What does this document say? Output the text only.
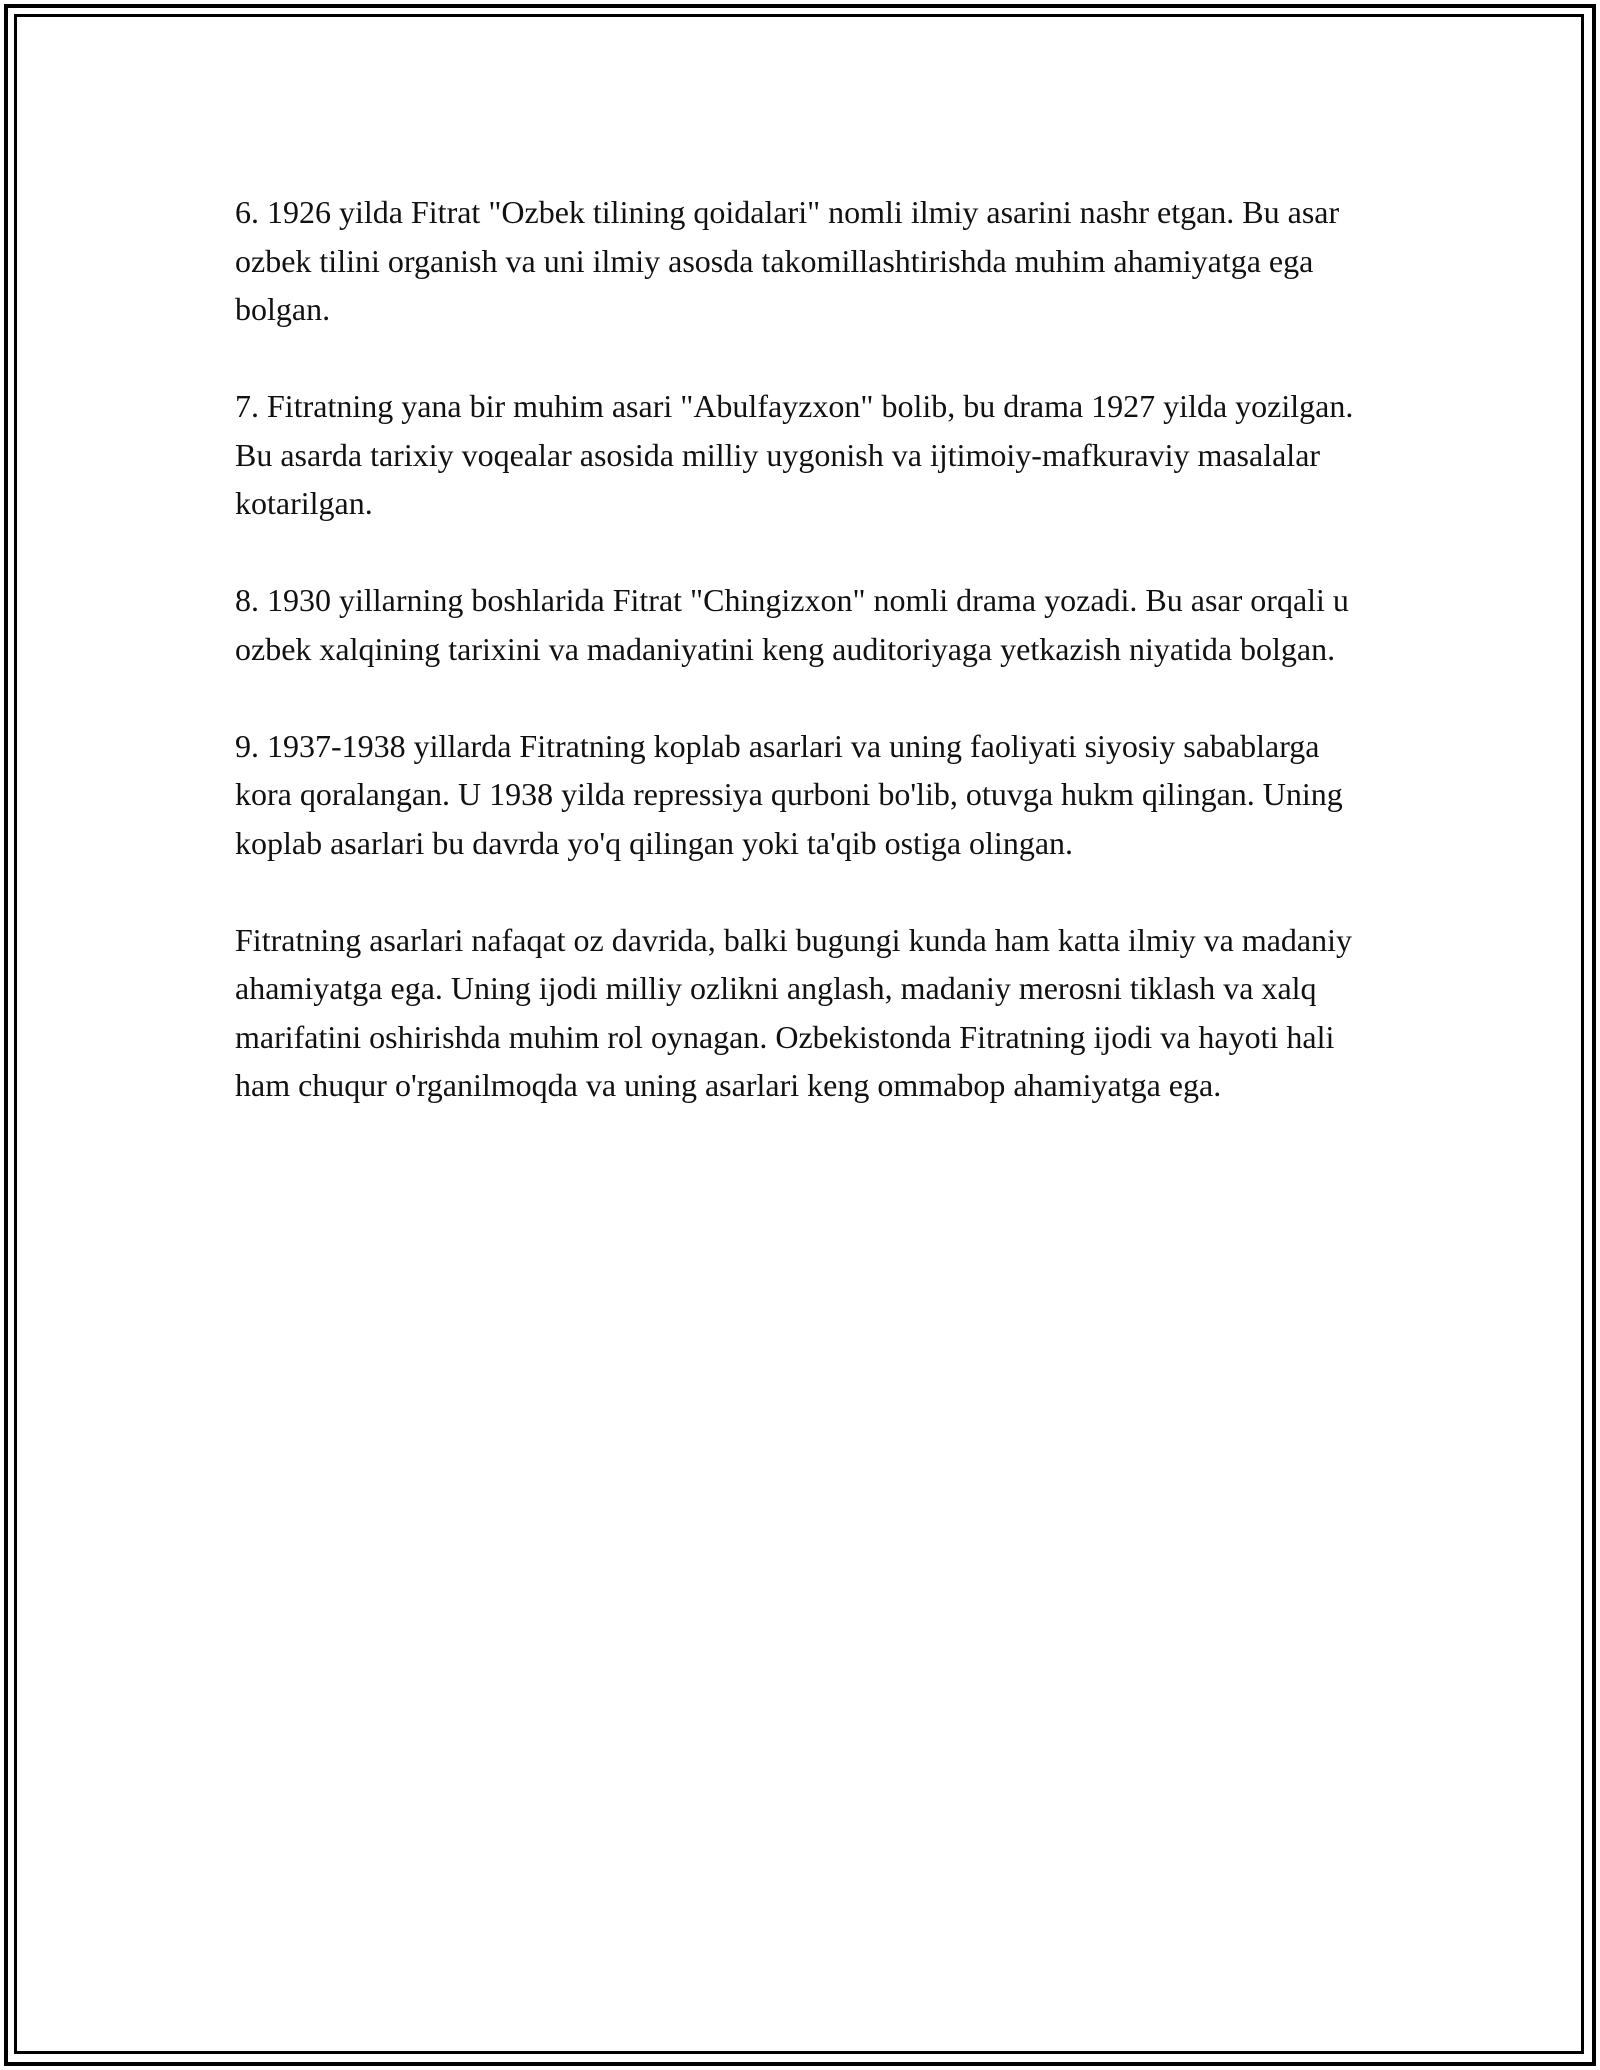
6. 1926 yilda Fitrat "Ozbek tilining qoidalari" nomli ilmiy asarini nashr etgan. Bu asar ozbek tilini organish va uni ilmiy asosda takomillashtirishda muhim ahamiyatga ega bolgan.

7. Fitratning yana bir muhim asari "Abulfayzxon" bolib, bu drama 1927 yilda yozilgan. Bu asarda tarixiy voqealar asosida milliy uygonish va ijtimoiy-mafkuraviy masalalar kotarilgan.

8. 1930 yillarning boshlarida Fitrat "Chingizxon" nomli drama yozadi. Bu asar orqali u ozbek xalqining tarixini va madaniyatini keng auditoriyaga yetkazish niyatida bolgan.

9. 1937-1938 yillarda Fitratning koplab asarlari va uning faoliyati siyosiy sabablarga kora qoralangan. U 1938 yilda repressiya qurboni bo'lib, otuvga hukm qilingan. Uning koplab asarlari bu davrda yo'q qilingan yoki ta'qib ostiga olingan.

Fitratning asarlari nafaqat oz davrida, balki bugungi kunda ham katta ilmiy va madaniy ahamiyatga ega. Uning ijodi milliy ozlikni anglash, madaniy merosni tiklash va xalq marifatini oshirishda muhim rol oynagan. Ozbekistonda Fitratning ijodi va hayoti hali ham chuqur o'rganilmoqda va uning asarlari keng ommabop ahamiyatga ega.
